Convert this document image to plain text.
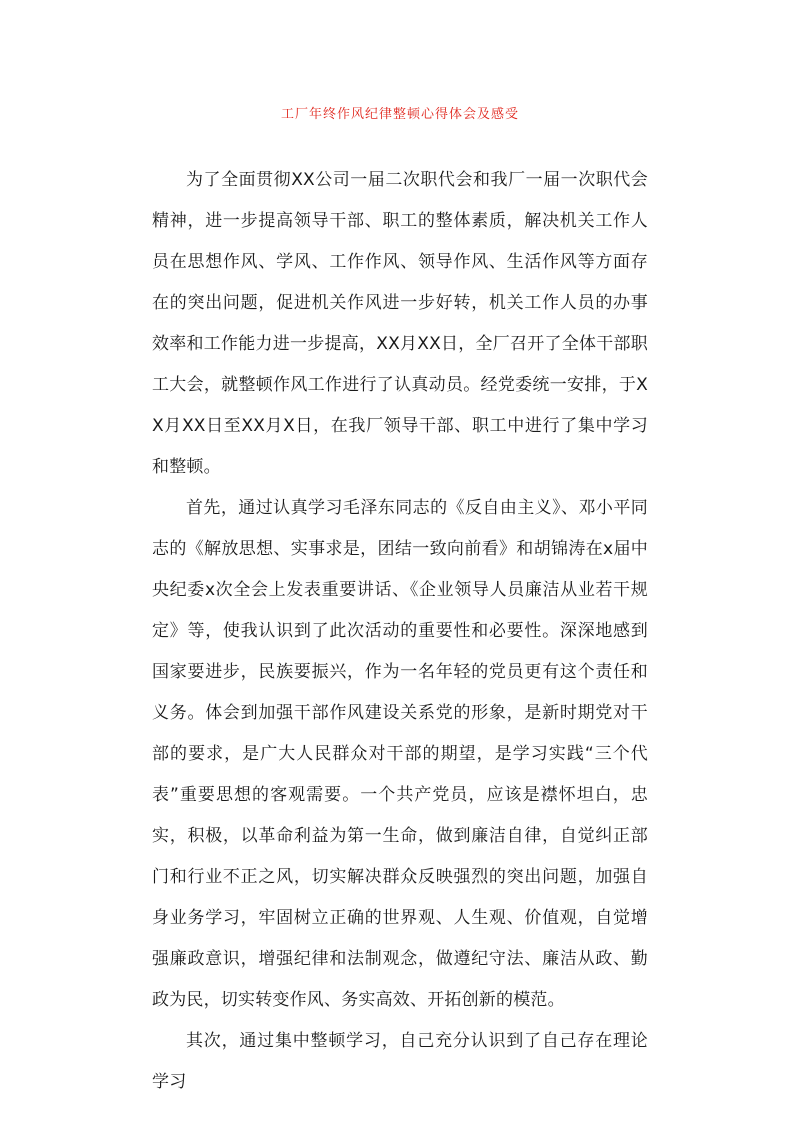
工厂年终作风纪律整顿心得体会及感受

为了全面贯彻XX公司一届二次职代会和我厂一届一次职代会精神，进一步提高领导干部、职工的整体素质，解决机关工作人员在思想作风、学风、工作作风、领导作风、生活作风等方面存在的突出问题，促进机关作风进一步好转，机关工作人员的办事效率和工作能力进一步提高，XX月XX日，全厂召开了全体干部职工大会，就整顿作风工作进行了认真动员。经党委统一安排，于XX月XX日至XX月X日，在我厂领导干部、职工中进行了集中学习和整顿。

首先，通过认真学习毛泽东同志的《反自由主义》、邓小平同志的《解放思想、实事求是，团结一致向前看》和胡锦涛在x届中央纪委x次全会上发表重要讲话、《企业领导人员廉洁从业若干规定》等，使我认识到了此次活动的重要性和必要性。深深地感到国家要进步，民族要振兴，作为一名年轻的党员更有这个责任和义务。体会到加强干部作风建设关系党的形象，是新时期党对干部的要求，是广大人民群众对干部的期望，是学习实践“三个代表”重要思想的客观需要。一个共产党员，应该是襟怀坦白，忠实，积极，以革命利益为第一生命，做到廉洁自律，自觉纠正部门和行业不正之风，切实解决群众反映强烈的突出问题，加强自身业务学习，牢固树立正确的世界观、人生观、价值观，自觉增强廉政意识，增强纪律和法制观念，做遵纪守法、廉洁从政、勤政为民，切实转变作风、务实高效、开拓创新的模范。

其次，通过集中整顿学习，自己充分认识到了自己存在理论学习
